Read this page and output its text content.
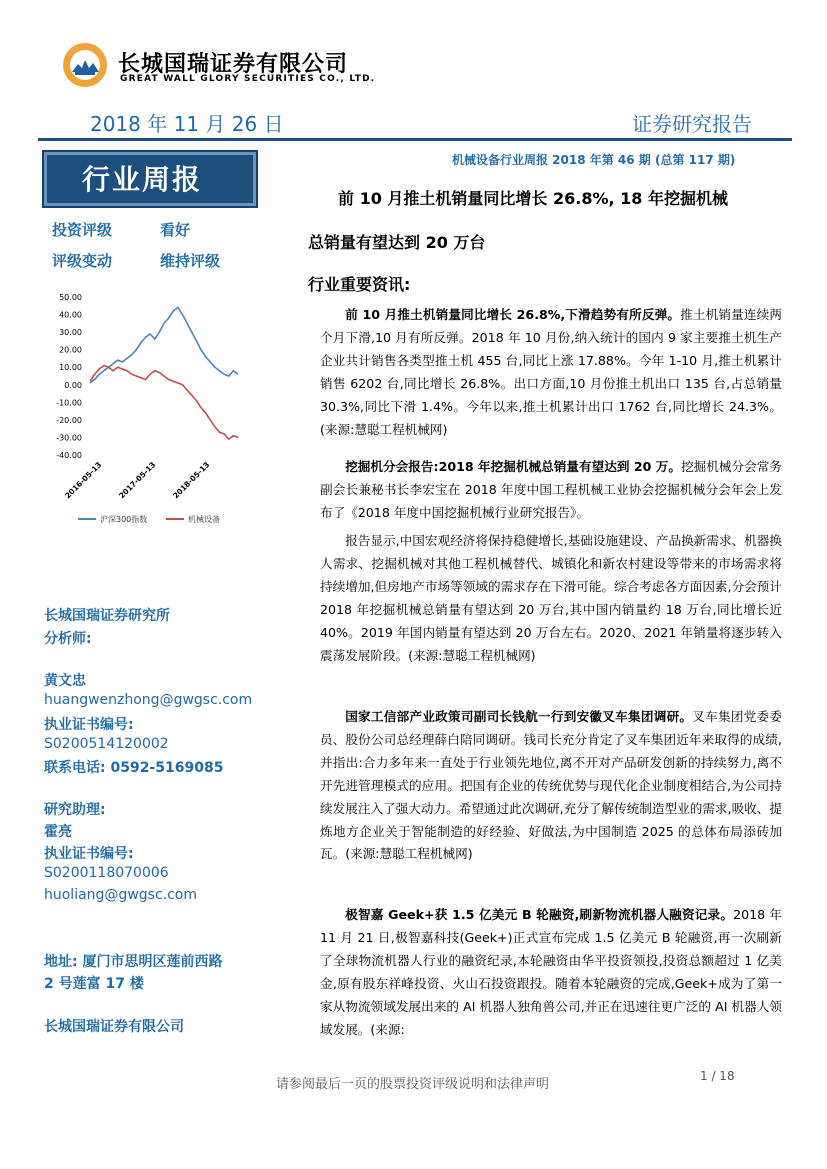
长城国瑞证券有限公司
GREAT WALL GLORY SECURITIES CO., LTD.
2018 年 11 月 26 日	证券研究报告
行业周报
投资评级	看好
评级变动	维持评级
50.00
40.00
30.00
20.00
10.00
0.00
-10.00
-20.00
-30.00
-40.00
2016-05-13 2017-05-13 2018-05-13
沪深300指数	机械设备
长城国瑞证券研究所
分析师:
黄文忠
huangwenzhong@gwgsc.com
执业证书编号:
S0200514120002
联系电话: 0592-5169085
研究助理:
霍亮
执业证书编号:
S0200118070006
huoliang@gwgsc.com
地址: 厦门市思明区莲前西路
2 号莲富 17 楼
长城国瑞证券有限公司
机械设备行业周报 2018 年第 46 期 (总第 117 期)
前 10 月推土机销量同比增长 26.8%, 18 年挖掘机械
总销量有望达到 20 万台
行业重要资讯:
前 10 月推土机销量同比增长 26.8%,下滑趋势有所反弹。推土机销量连续两个月下滑,10 月有所反弹。2018 年 10 月份,纳入统计的国内 9 家主要推土机生产企业共计销售各类型推土机 455 台,同比上涨 17.88%。今年 1-10 月,推土机累计销售 6202 台,同比增长 26.8%。出口方面,10 月份推土机出口 135 台,占总销量 30.3%,同比下滑 1.4%。今年以来,推土机累计出口 1762 台,同比增长 24.3%。(来源:慧聪工程机械网)
挖掘机分会报告:2018 年挖掘机械总销量有望达到 20 万。挖掘机械分会常务副会长兼秘书长李宏宝在 2018 年度中国工程机械工业协会挖掘机械分会年会上发布了《2018 年度中国挖掘机械行业研究报告》。
报告显示,中国宏观经济将保持稳健增长,基础设施建设、产品换新需求、机器换人需求、挖掘机械对其他工程机械替代、城镇化和新农村建设等带来的市场需求将持续增加,但房地产市场等领域的需求存在下滑可能。综合考虑各方面因素,分会预计 2018 年挖掘机械总销量有望达到 20 万台,其中国内销量约 18 万台,同比增长近 40%。2019 年国内销量有望达到 20 万台左右。2020、2021 年销量将逐步转入震荡发展阶段。(来源:慧聪工程机械网)
国家工信部产业政策司副司长钱航一行到安徽叉车集团调研。叉车集团党委委员、股份公司总经理薛白陪同调研。钱司长充分肯定了叉车集团近年来取得的成绩,并指出:合力多年来一直处于行业领先地位,离不开对产品研发创新的持续努力,离不开先进管理模式的应用。把国有企业的传统优势与现代化企业制度相结合,为公司持续发展注入了强大动力。希望通过此次调研,充分了解传统制造型业的需求,吸收、提炼地方企业关于智能制造的好经验、好做法,为中国制造 2025 的总体布局添砖加瓦。(来源:慧聪工程机械网)
极智嘉 Geek+获 1.5 亿美元 B 轮融资,刷新物流机器人融资记录。2018 年 11 月 21 日,极智嘉科技(Geek+)正式宣布完成 1.5 亿美元 B 轮融资,再一次刷新了全球物流机器人行业的融资纪录,本轮融资由华平投资领投,投资总额超过 1 亿美金,原有股东祥峰投资、火山石投资跟投。随着本轮融资的完成,Geek+成为了第一家从物流领域发展出来的 AI 机器人独角兽公司,并正在迅速往更广泛的 AI 机器人领域发展。(来源:
请参阅最后一页的股票投资评级说明和法律声明
1 / 18
